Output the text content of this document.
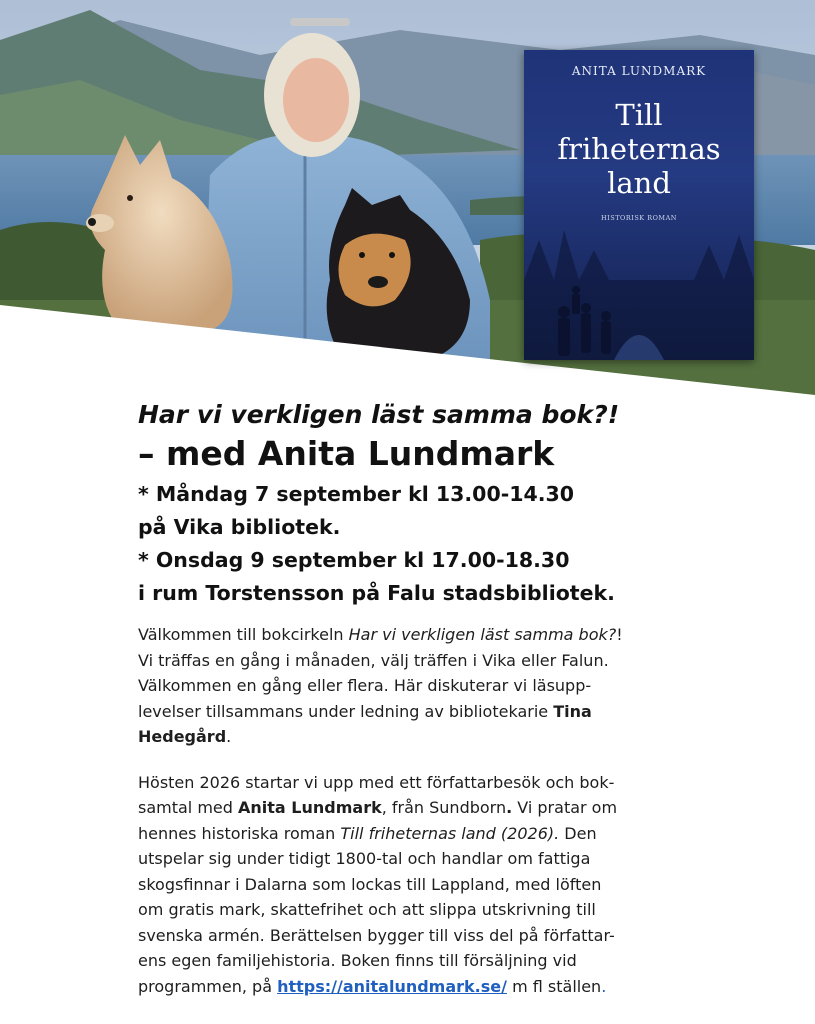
ANITA LUNDMARK
Till
friheternas
land
HISTORISK ROMAN
Har vi verkligen läst samma bok?!
– med Anita Lundmark

* Måndag 7 september kl 13.00-14.30

på Vika bibliotek.

* Onsdag 9 september kl 17.00-18.30

i rum Torstensson på Falu stadsbibliotek.

Välkommen till bokcirkeln Har vi verkligen läst samma bok?!
Vi träffas en gång i månaden, välj träffen i Vika eller Falun.
Välkommen en gång eller flera. Här diskuterar vi läsupp-
levelser tillsammans under ledning av bibliotekarie Tina
Hedegård.
Hösten 2026 startar vi upp med ett författarbesök och bok-
samtal med Anita Lundmark, från Sundborn. Vi pratar om
hennes historiska roman Till friheternas land (2026). Den
utspelar sig under tidigt 1800-tal och handlar om fattiga
skogsfinnar i Dalarna som lockas till Lappland, med löften
om gratis mark, skattefrihet och att slippa utskrivning till
svenska armén. Berättelsen bygger till viss del på författar-
ens egen familjehistoria. Boken finns till försäljning vid
programmen, på https://anitalundmark.se/ m fl ställen.
